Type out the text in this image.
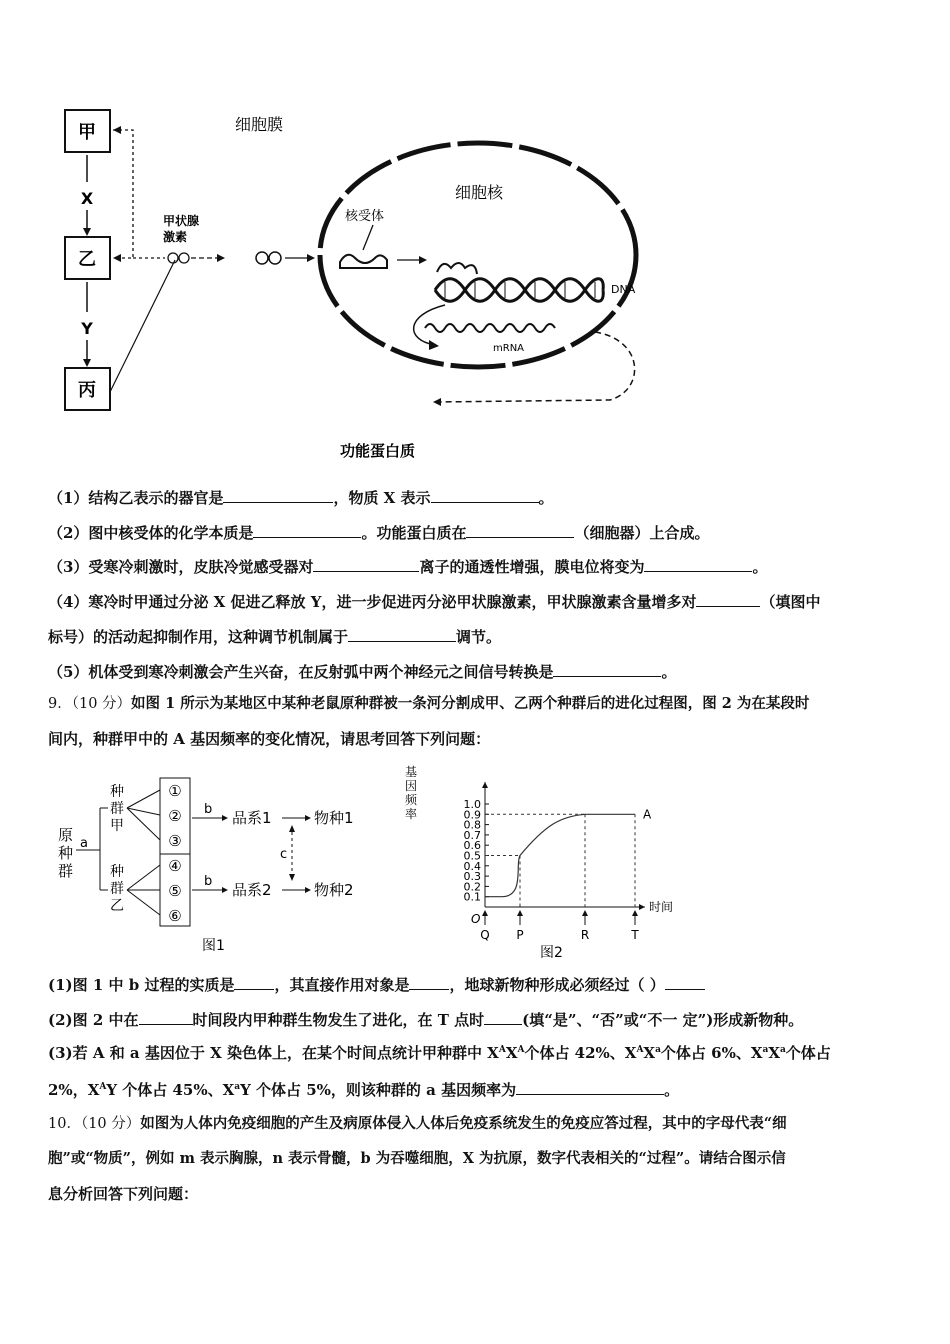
甲
乙
丙
X
Y
甲状腺
激素
细胞膜
细胞核
核受体
DNA
mRNA
功能蛋白质
（1）结构乙表示的器官是	，物质 X 表示	。
（2）图中核受体的化学本质是	。功能蛋白质在	（细胞器）上合成。
（3）受寒冷刺激时，皮肤冷觉感受器对	离子的通透性增强，膜电位将变为	。
（4）寒冷时甲通过分泌 X 促进乙释放 Y，进一步促进丙分泌甲状腺激素，甲状腺激素含量增多对	（填图中
标号）的活动起抑制作用，这种调节机制属于	调节。
（5）机体受到寒冷刺激会产生兴奋，在反射弧中两个神经元之间信号转换是	。
9．（10 分）如图 1 所示为某地区中某种老鼠原种群被一条河分割成甲、乙两个种群后的进化过程图，图 2 为在某段时
间内，种群甲中的 A 基因频率的变化情况，请思考回答下列问题：
原
种
群
a
种
群
甲
种
群
乙
①
②
③
④
⑤
⑥
b
b
品系1
品系2
物种1
物种2
c
图1
基
因
频
率
1.0
0.9
0.8
0.7
0.6
0.5
0.4
0.3
0.2
0.1
Q P	R	T
A
O
时间
图2
(1)图 1 中 b 过程的实质是	，其直接作用对象是	，地球新物种形成必须经过（ ）
(2)图 2 中在	时间段内甲种群生物发生了进化，在 T 点时	(填“是”、“否”或“不一 定”)形成新物种。
(3)若 A 和 a 基因位于 X 染色体上，在某个时间点统计甲种群中 $X^AX^A$个体占 42%、$X^AX^a$个体占 6%、$X^aX^a$个体占
2%，$X^AY$ 个体占 45%、$X^aY$ 个体占 5%，则该种群的 a 基因频率为	。
10．（10 分）如图为人体内免疫细胞的产生及病原体侵入人体后免疫系统发生的免疫应答过程，其中的字母代表“细
胞”或“物质”，例如 m 表示胸腺，n 表示骨髓，b 为吞噬细胞，X 为抗原，数字代表相关的“过程”。请结合图示信
息分析回答下列问题：
